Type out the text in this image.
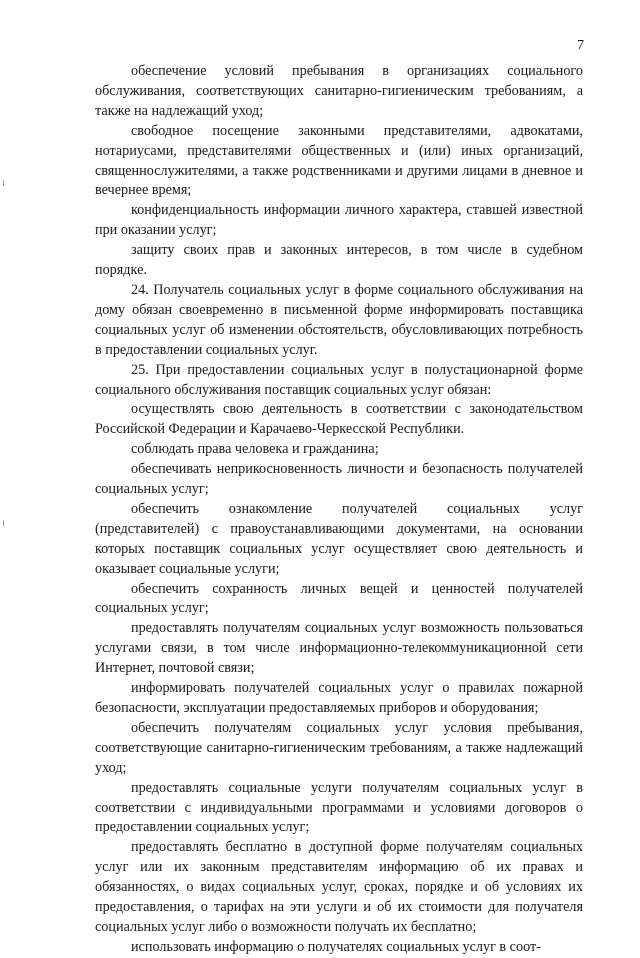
7

обеспечение условий пребывания в организациях социального обслуживания, соответствующих санитарно-гигиеническим требованиям, а также на надлежащий уход;

свободное посещение законными представителями, адвокатами, нотариусами, представителями общественных и (или) иных организаций, священнослужителями, а также родственниками и другими лицами в дневное и вечернее время;

конфиденциальность информации личного характера, ставшей известной при оказании услуг;

защиту своих прав и законных интересов, в том числе в судебном порядке.

24. Получатель социальных услуг в форме социального обслуживания на дому обязан своевременно в письменной форме информировать поставщика социальных услуг об изменении обстоятельств, обусловливающих потребность в предоставлении социальных услуг.

25. При предоставлении социальных услуг в полустационарной форме социального обслуживания поставщик социальных услуг обязан:

осуществлять свою деятельность в соответствии с законодательством Российской Федерации и Карачаево-Черкесской Республики.

соблюдать права человека и гражданина;

обеспечивать неприкосновенность личности и безопасность получателей социальных услуг;

обеспечить ознакомление получателей социальных услуг (представителей) с правоустанавливающими документами, на основании которых поставщик социальных услуг осуществляет свою деятельность и оказывает социальные услуги;

обеспечить сохранность личных вещей и ценностей получателей социальных услуг;

предоставлять получателям социальных услуг возможность пользоваться услугами связи, в том числе информационно-телекоммуникационной сети Интернет, почтовой связи;

информировать получателей социальных услуг о правилах пожарной безопасности, эксплуатации предоставляемых приборов и оборудования;

обеспечить получателям социальных услуг условия пребывания, соответствующие санитарно-гигиеническим требованиям, а также надлежащий уход;

предоставлять социальные услуги получателям социальных услуг в соответствии с индивидуальными программами и условиями договоров о предоставлении социальных услуг;

предоставлять бесплатно в доступной форме получателям социальных услуг или их законным представителям информацию об их правах и обязанностях, о видах социальных услуг, сроках, порядке и об условиях их предоставления, о тарифах на эти услуги и об их стоимости для получателя социальных услуг либо о возможности получать их бесплатно;

использовать информацию о получателях социальных услуг в соот-
